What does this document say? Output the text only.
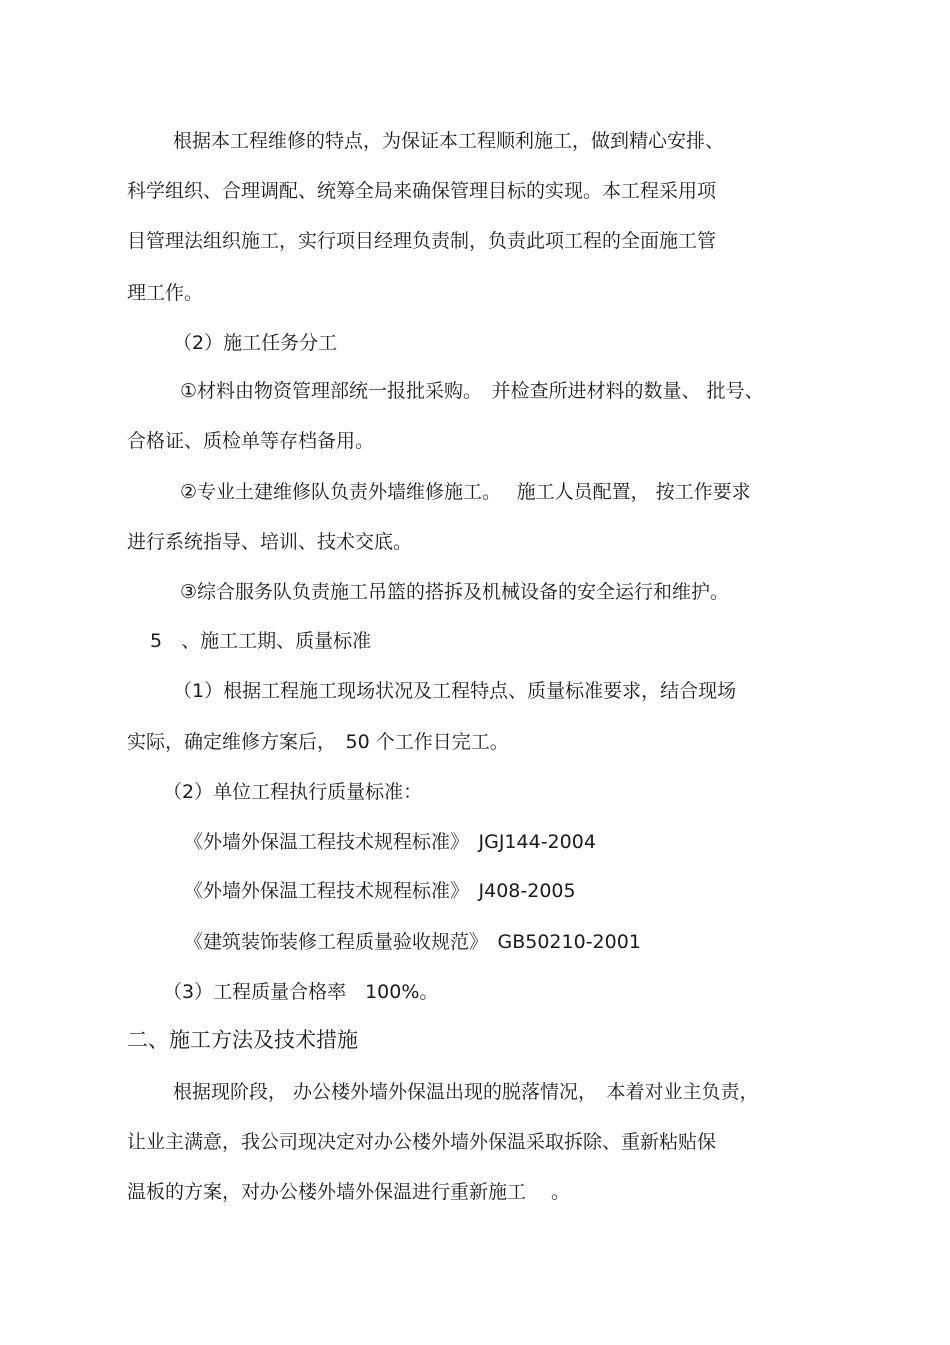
根据本工程维修的特点，为保证本工程顺利施工，做到精心安排、
科学组织、合理调配、统筹全局来确保管理目标的实现。本工程采用项
目管理法组织施工，实行项目经理负责制，负责此项工程的全面施工管
理工作。
（2）施工任务分工
①材料由物资管理部统一报批采购。　并检查所进材料的数量、 批号、
合格证、质检单等存档备用。
②专业土建维修队负责外墙维修施工。　 施工人员配置， 按工作要求
进行系统指导、培训、技术交底。
③综合服务队负责施工吊篮的搭拆及机械设备的安全运行和维护。
5　、施工工期、质量标准
（1）根据工程施工现场状况及工程特点、质量标准要求，结合现场
实际，确定维修方案后，　50 个工作日完工。
（2）单位工程执行质量标准：
《外墙外保温工程技术规程标准》　JGJ144-2004
《外墙外保温工程技术规程标准》　J408-2005
《建筑装饰装修工程质量验收规范》　GB50210-2001
（3）工程质量合格率　100%。
二、施工方法及技术措施
根据现阶段， 办公楼外墙外保温出现的脱落情况，　本着对业主负责，
让业主满意，我公司现决定对办公楼外墙外保温采取拆除、重新粘贴保
温板的方案，对办公楼外墙外保温进行重新施工　 。
